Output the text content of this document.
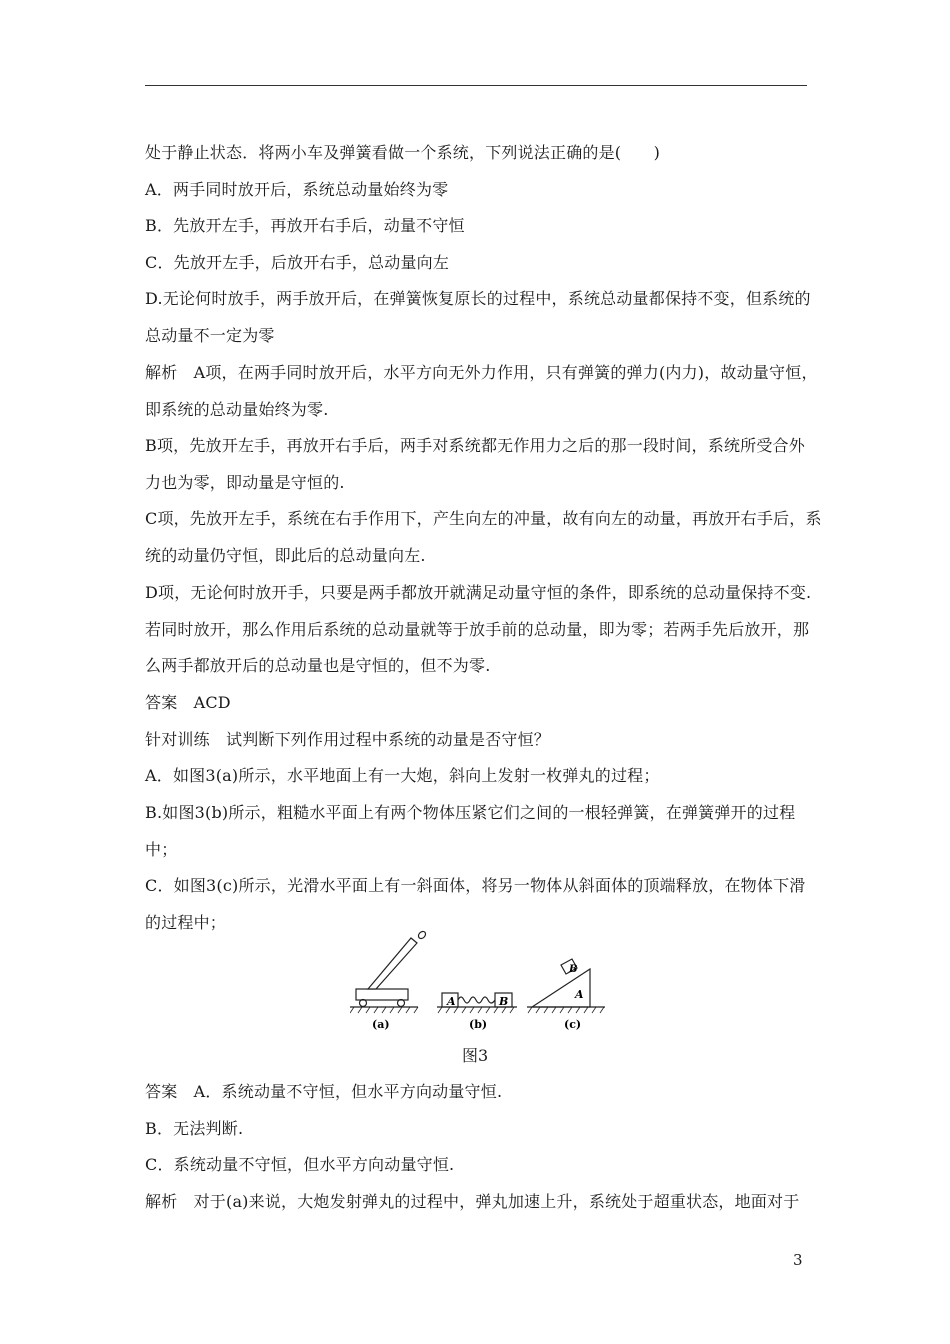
处于静止状态．将两小车及弹簧看做一个系统，下列说法正确的是(　　)
A．两手同时放开后，系统总动量始终为零
B．先放开左手，再放开右手后，动量不守恒
C．先放开左手，后放开右手，总动量向左
D.无论何时放手，两手放开后，在弹簧恢复原长的过程中，系统总动量都保持不变，但系统的
总动量不一定为零
解析　A项，在两手同时放开后，水平方向无外力作用，只有弹簧的弹力(内力)，故动量守恒，
即系统的总动量始终为零.
B项，先放开左手，再放开右手后，两手对系统都无作用力之后的那一段时间，系统所受合外
力也为零，即动量是守恒的.
C项，先放开左手，系统在右手作用下，产生向左的冲量，故有向左的动量，再放开右手后，系
统的动量仍守恒，即此后的总动量向左.
D项，无论何时放开手，只要是两手都放开就满足动量守恒的条件，即系统的总动量保持不变.
若同时放开，那么作用后系统的总动量就等于放手前的总动量，即为零；若两手先后放开，那
么两手都放开后的总动量也是守恒的，但不为零.
答案　ACD
针对训练　试判断下列作用过程中系统的动量是否守恒？
A．如图3(a)所示，水平地面上有一大炮，斜向上发射一枚弹丸的过程；
B.如图3(b)所示，粗糙水平面上有两个物体压紧它们之间的一根轻弹簧，在弹簧弹开的过程
中；
C．如图3(c)所示，光滑水平面上有一斜面体，将另一物体从斜面体的顶端释放，在物体下滑
的过程中；
A	B
B
A
(a)	(b)	(c)
图3
答案　A．系统动量不守恒，但水平方向动量守恒.
B．无法判断.
C．系统动量不守恒，但水平方向动量守恒.
解析　对于(a)来说，大炮发射弹丸的过程中，弹丸加速上升，系统处于超重状态，地面对于
3
